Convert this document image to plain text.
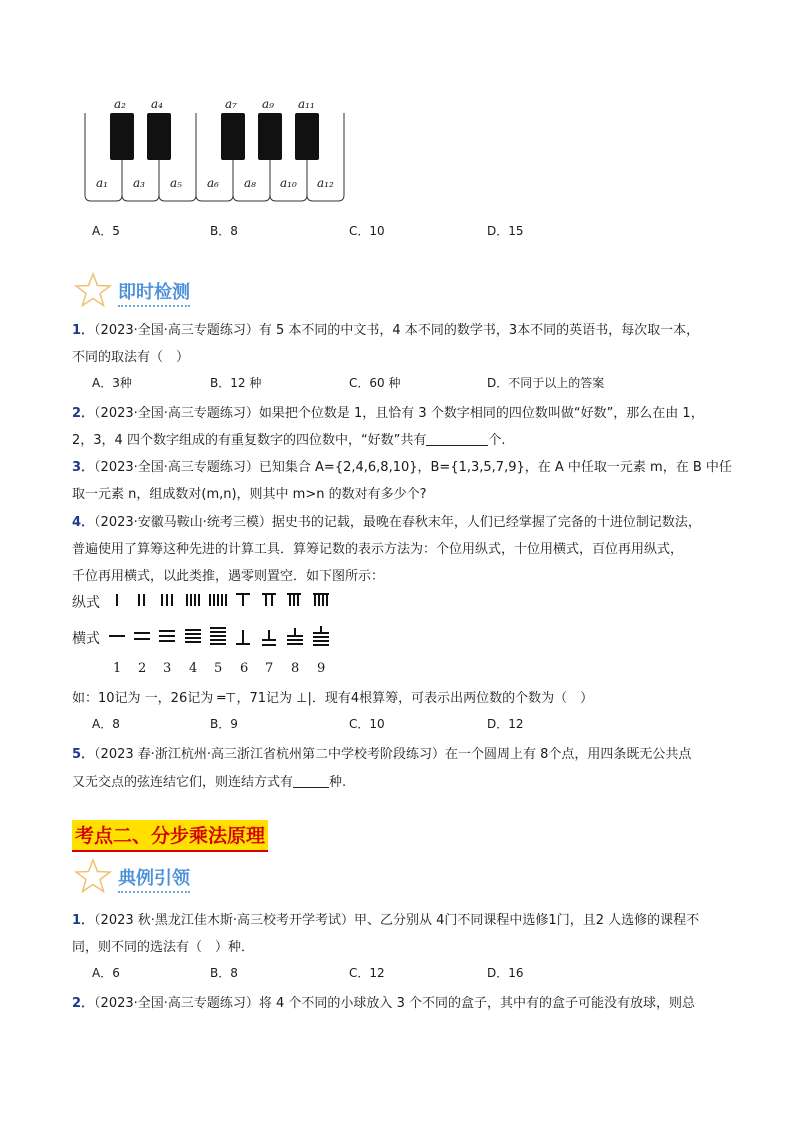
a₂ a₄	a₇ a₉ a₁₁
a₁ a₃ a₅ a₆ a₈ a₁₀ a₁₂
A．5	B．8	C．10	D．15
即时检测
1．（2023·全国·高三专题练习）有 5 本不同的中文书，4 本不同的数学书，3本不同的英语书，每次取一本，
不同的取法有（　）
A．3种	B．12 种	C．60 种	D．不同于以上的答案
2．（2023·全国·高三专题练习）如果把个位数是 1，且恰有 3 个数字相同的四位数叫做“好数”，那么在由 1，
2，3，4 四个数字组成的有重复数字的四位数中，“好数”共有	个.
3．（2023·全国·高三专题练习）已知集合 A={2,4,6,8,10}，B={1,3,5,7,9}，在 A 中任取一元素 m，在 B 中任
取一元素 n，组成数对(m,n)，则其中 m>n 的数对有多少个?
4．（2023·安徽马鞍山·统考三模）据史书的记载，最晚在春秋末年，人们已经掌握了完备的十进位制记数法，
普遍使用了算筹这种先进的计算工具．算筹记数的表示方法为：个位用纵式，十位用横式，百位再用纵式，
千位再用横式，以此类推，遇零则置空．如下图所示：
纵式
横式
1 2 3 4 5 6 7 8 9
如：10记为 一，26记为 ═⊤，71记为 ⊥|．现有4根算筹，可表示出两位数的个数为（　）
A．8	B．9	C．10	D．12
5．（2023 春·浙江杭州·高三浙江省杭州第二中学校考阶段练习）在一个圆周上有 8个点，用四条既无公共点
又无交点的弦连结它们，则连结方式有	种.
考点二、分步乘法原理
典例引领
1．（2023 秋·黑龙江佳木斯·高三校考开学考试）甲、乙分别从 4门不同课程中选修1门，且2 人选修的课程不
同，则不同的选法有（　）种．
A．6	B．8	C．12	D．16
2．（2023·全国·高三专题练习）将 4 个不同的小球放入 3 个不同的盒子，其中有的盒子可能没有放球，则总
